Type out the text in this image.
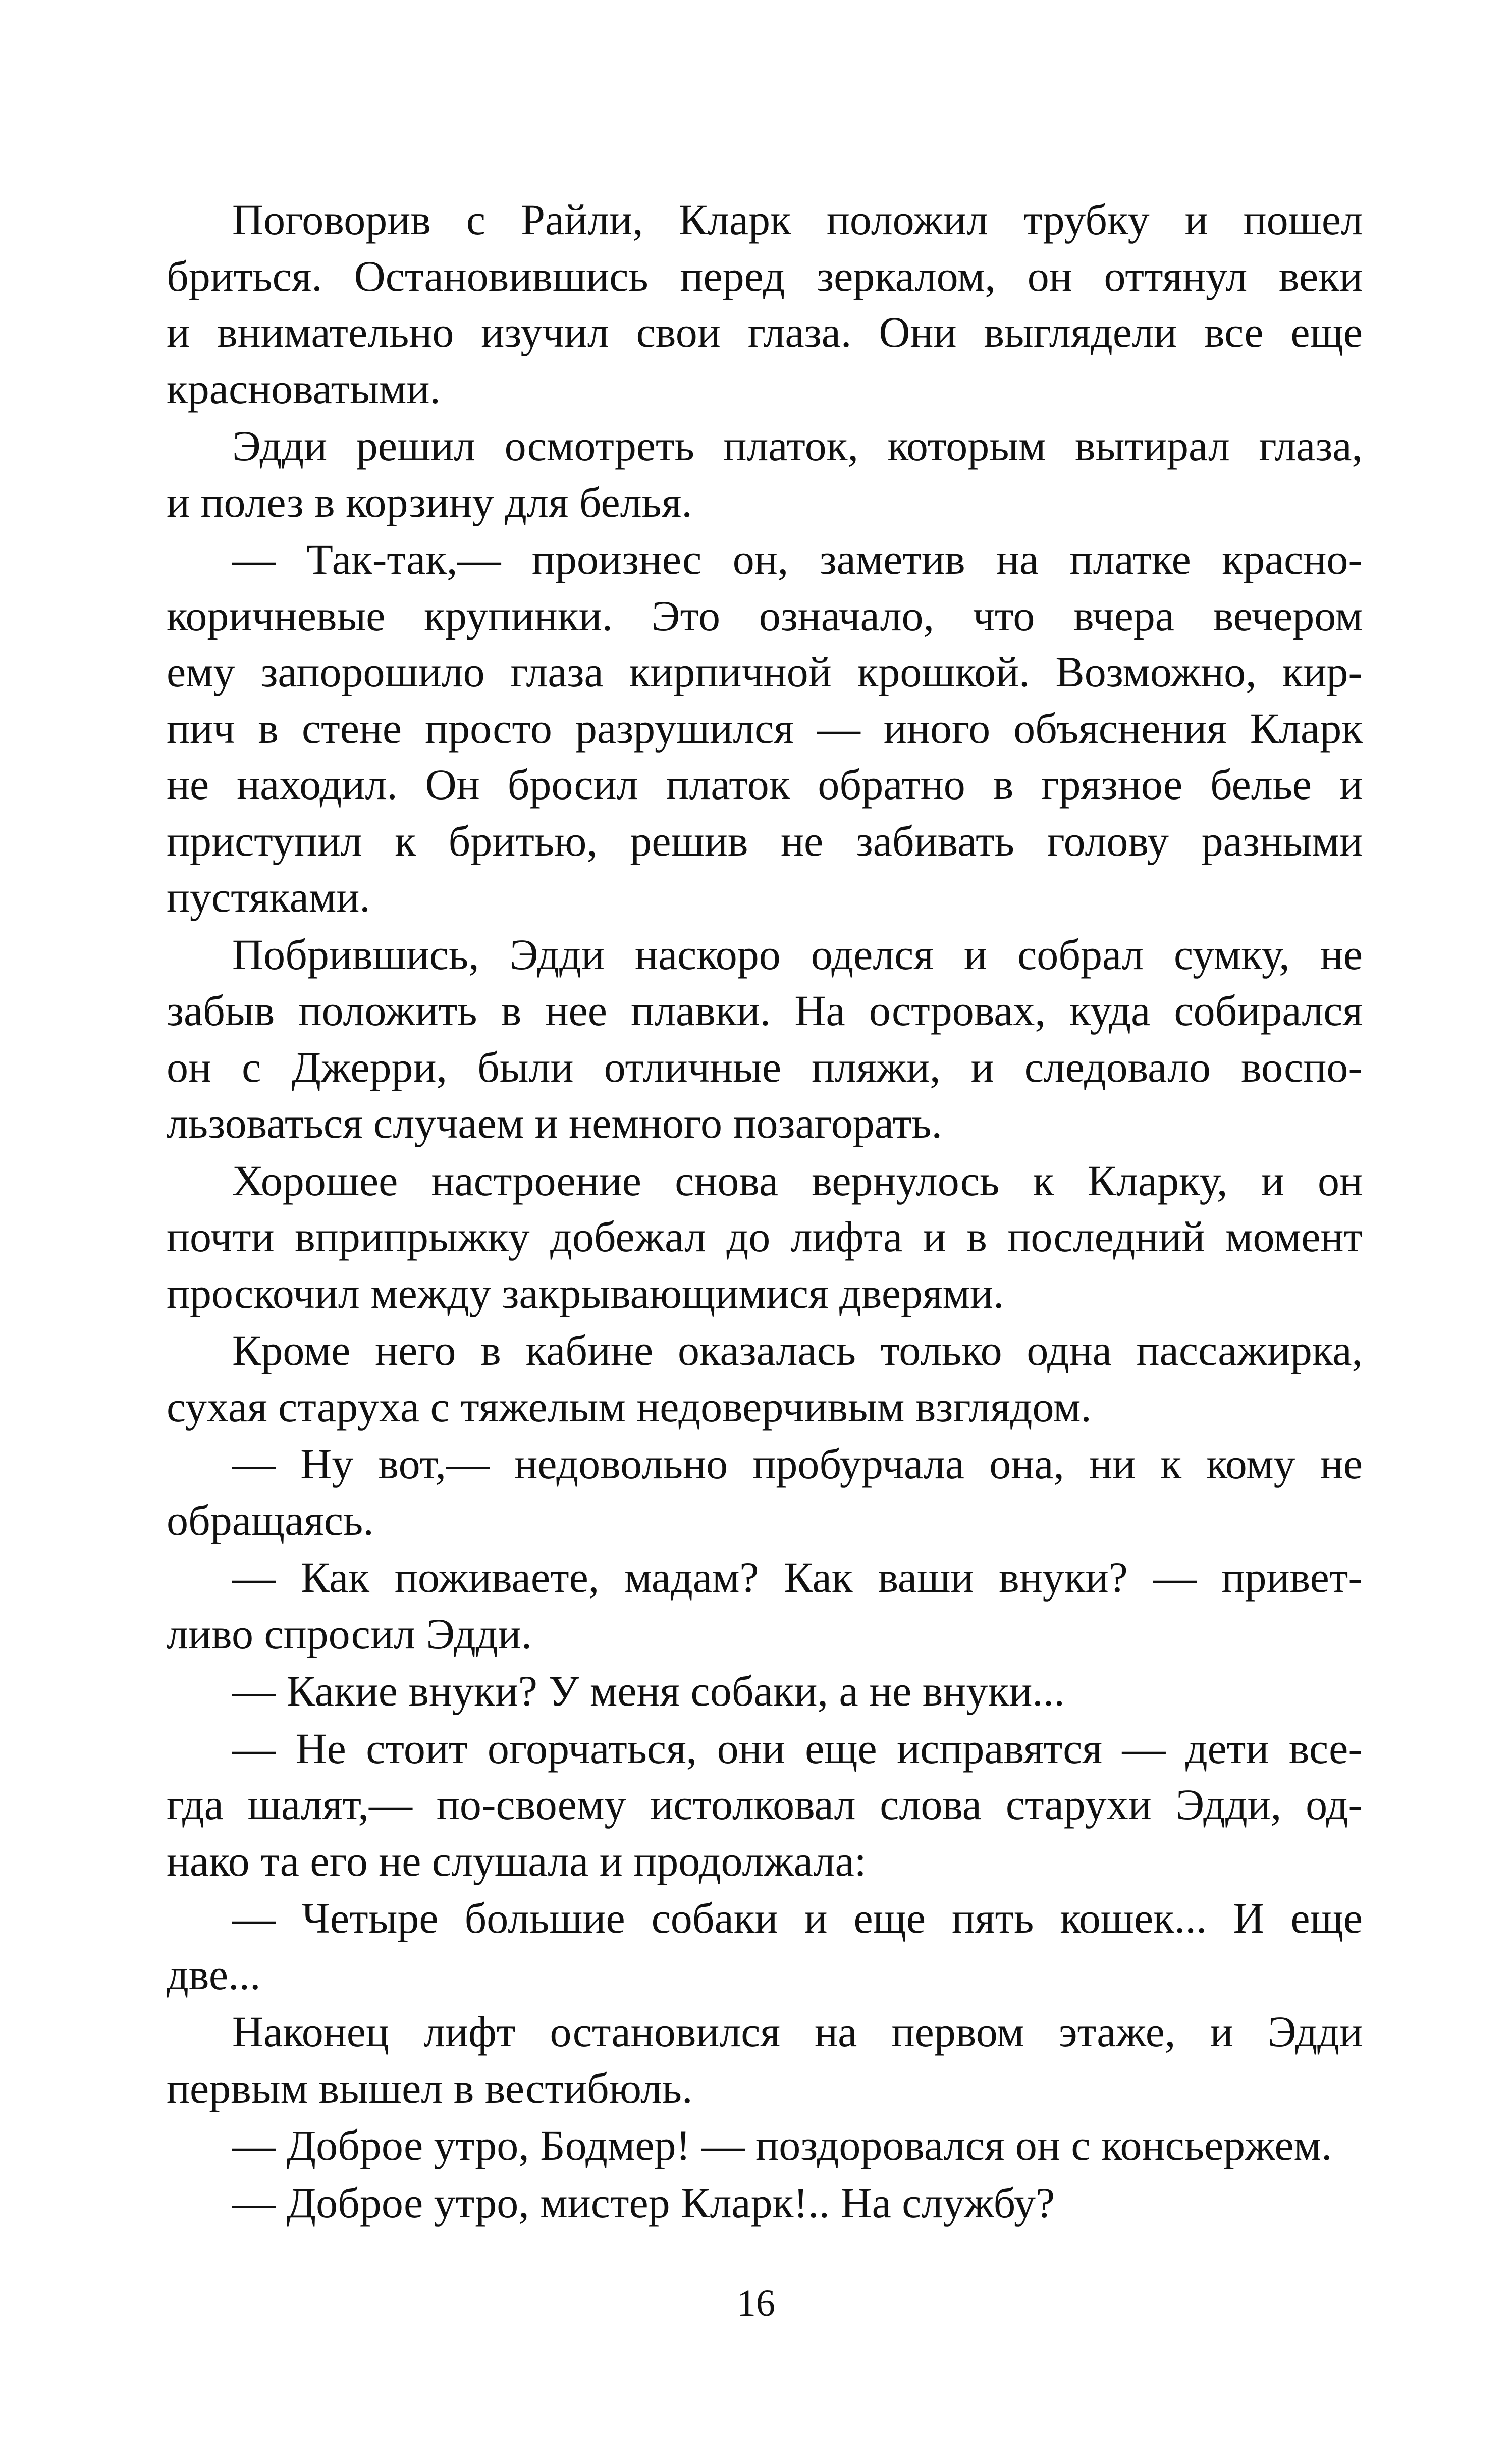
Поговорив с Райли, Кларк положил трубку и пошел
бриться. Остановившись перед зеркалом, он оттянул веки
и внимательно изучил свои глаза. Они выглядели все еще
красноватыми.
Эдди решил осмотреть платок, которым вытирал глаза,
и полез в корзину для белья.
— Так-так,— произнес он, заметив на платке красно-
коричневые крупинки. Это означало, что вчера вечером
ему запорошило глаза кирпичной крошкой. Возможно, кир-
пич в стене просто разрушился — иного объяснения Кларк
не находил. Он бросил платок обратно в грязное белье и
приступил к бритью, решив не забивать голову разными
пустяками.
Побрившись, Эдди наскоро оделся и собрал сумку, не
забыв положить в нее плавки. На островах, куда собирался
он с Джерри, были отличные пляжи, и следовало воспо-
льзоваться случаем и немного позагорать.
Хорошее настроение снова вернулось к Кларку, и он
почти вприпрыжку добежал до лифта и в последний момент
проскочил между закрывающимися дверями.
Кроме него в кабине оказалась только одна пассажирка,
сухая старуха с тяжелым недоверчивым взглядом.
— Ну вот,— недовольно пробурчала она, ни к кому не
обращаясь.
— Как поживаете, мадам? Как ваши внуки? — привет-
ливо спросил Эдди.
— Какие внуки? У меня собаки, а не внуки...
— Не стоит огорчаться, они еще исправятся — дети все-
гда шалят,— по-своему истолковал слова старухи Эдди, од-
нако та его не слушала и продолжала:
— Четыре большие собаки и еще пять кошек... И еще
две...
Наконец лифт остановился на первом этаже, и Эдди
первым вышел в вестибюль.
— Доброе утро, Бодмер! — поздоровался он с консьержем.
— Доброе утро, мистер Кларк!.. На службу?
16
